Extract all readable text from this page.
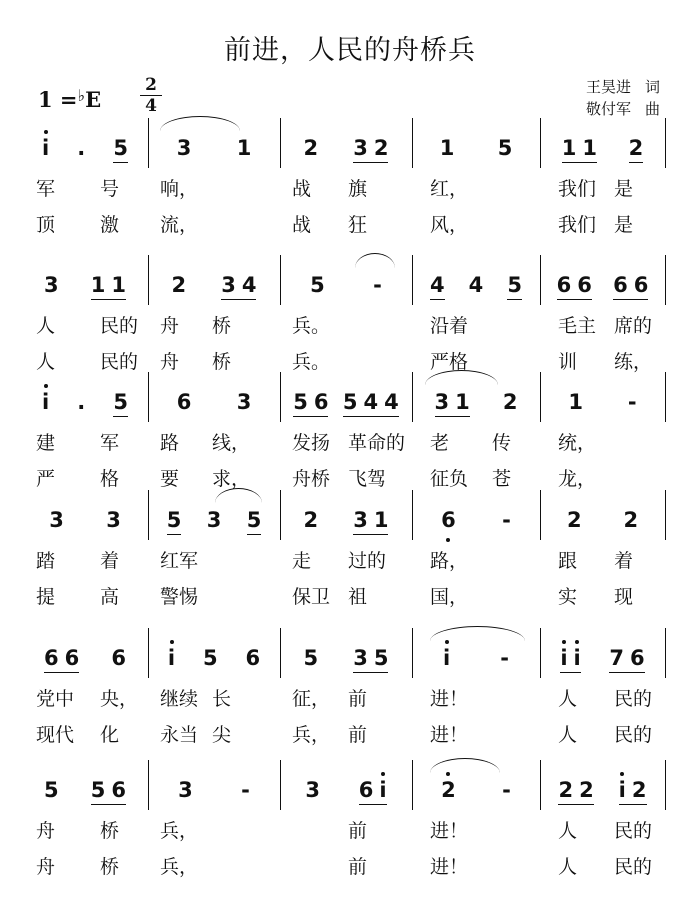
前进，人民的舟桥兵
1 =♭E
2
4
王昊进 词
敬付军 曲
i . 5 3 1 2 3 2 1 5 1 1 2
军 号 响，	战 旗	红，	我们 是
顶 激 流，	战 狂	风，	我们 是
3 1 1 2 3 4	5 - 4 4 5 6 6 6 6
人 民的 舟 桥	兵。	沿着	毛主 席的
人 民的 舟 桥	兵。	严格	训 练，
i . 5 6 3 5 6 5 4 4 3 1 2 1 -
建 军 路 线， 发扬 革命的 老 传 统，
严 格 要 求， 舟桥 飞驾 征负 苍 龙，
3 3 5 3 5 2 3 1	6 -	2 2
踏 着 红军	走 过的 路，	跟 着
提 高 警惕	保卫 祖	国，	实 现
6 6 6 i 5 6 5 3 5	i - i i 7 6
党中 央， 继续 长	征， 前	进！	人 民的
现代 化 永当 尖	兵， 前	进！	人 民的
5 5 6 3 -	3 6 i	2 - 2 2 i 2
舟 桥 兵，	前	进！	人 民的
舟 桥 兵，	前	进！	人 民的
